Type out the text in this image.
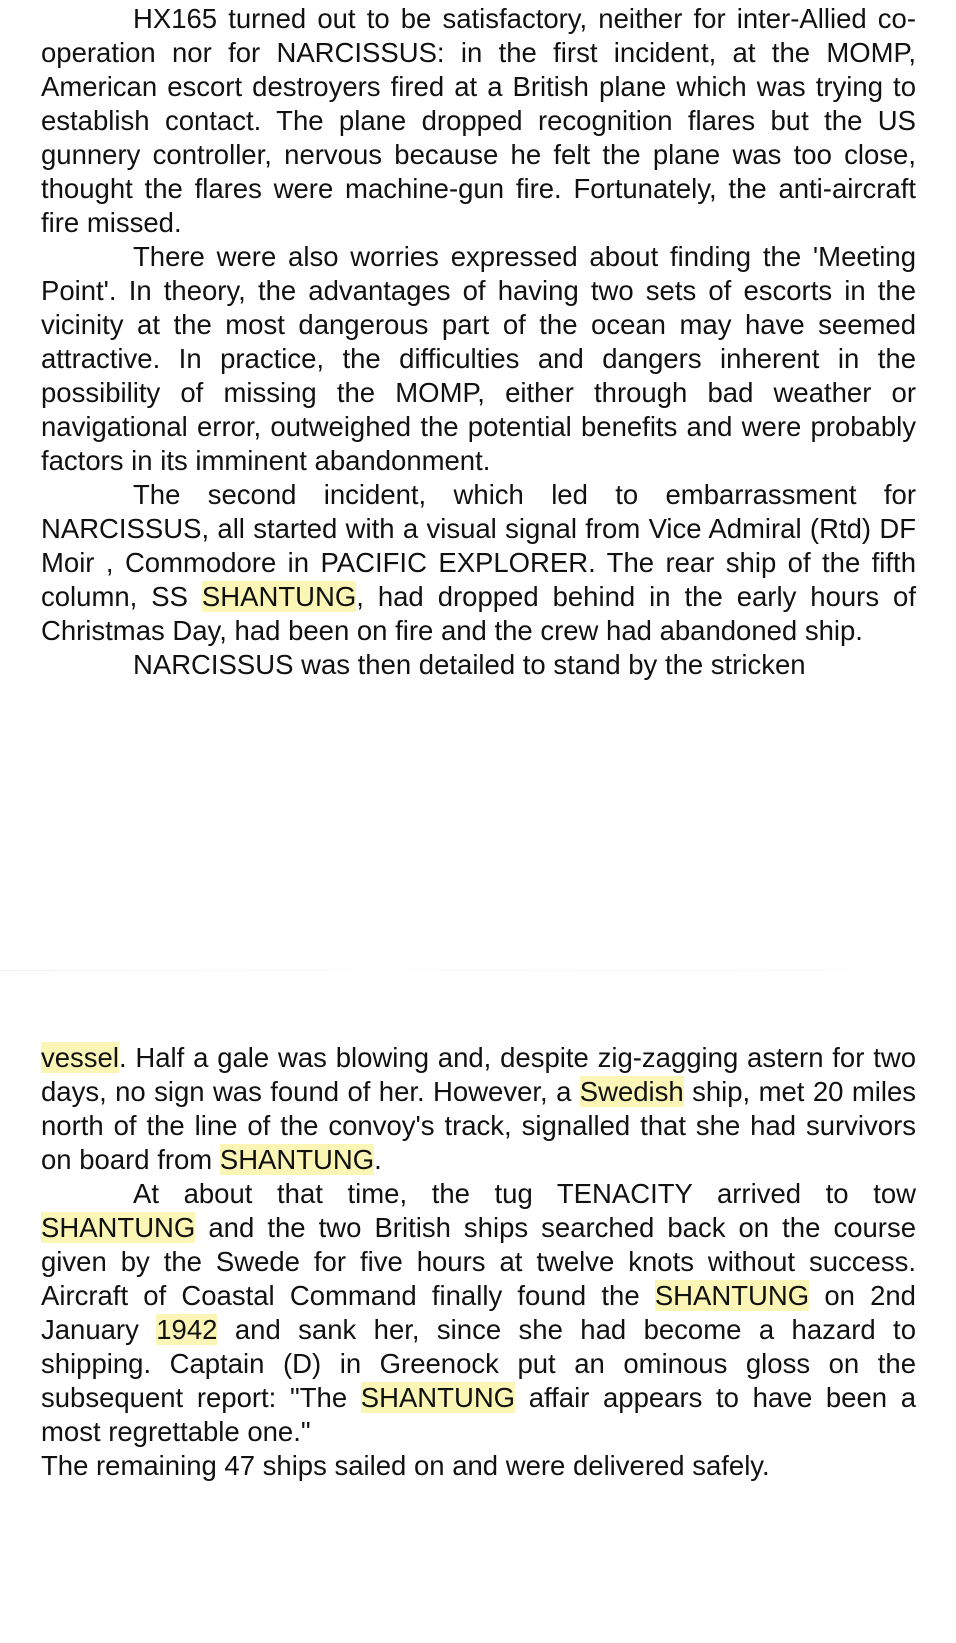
HX165 turned out to be satisfactory, neither for inter-Allied co-operation nor for NARCISSUS: in the first incident, at the MOMP, American escort destroyers fired at a British plane which was trying to establish contact. The plane dropped recognition flares but the US gunnery controller, nervous because he felt the plane was too close, thought the flares were machine-gun fire. Fortunately, the anti-aircraft fire missed.

There were also worries expressed about finding the 'Meeting Point'. In theory, the advantages of having two sets of escorts in the vicinity at the most dangerous part of the ocean may have seemed attractive. In practice, the difficulties and dangers inherent in the possibility of missing the MOMP, either through bad weather or navigational error, outweighed the potential benefits and were probably factors in its imminent abandonment.

The second incident, which led to embarrassment for NARCISSUS, all started with a visual signal from Vice Admiral (Rtd) DF Moir , Commodore in PACIFIC EXPLORER. The rear ship of the fifth column, SS SHANTUNG, had dropped behind in the early hours of Christmas Day, had been on fire and the crew had abandoned ship.

NARCISSUS was then detailed to stand by the stricken

vessel. Half a gale was blowing and, despite zig-zagging astern for two days, no sign was found of her. However, a Swedish ship, met 20 miles north of the line of the convoy's track, signalled that she had survivors on board from SHANTUNG.

At about that time, the tug TENACITY arrived to tow SHANTUNG and the two British ships searched back on the course given by the Swede for five hours at twelve knots without success. Aircraft of Coastal Command finally found the SHANTUNG on 2nd January 1942 and sank her, since she had become a hazard to shipping. Captain (D) in Greenock put an ominous gloss on the subsequent report: "The SHANTUNG affair appears to have been a most regrettable one."

The remaining 47 ships sailed on and were delivered safely.
